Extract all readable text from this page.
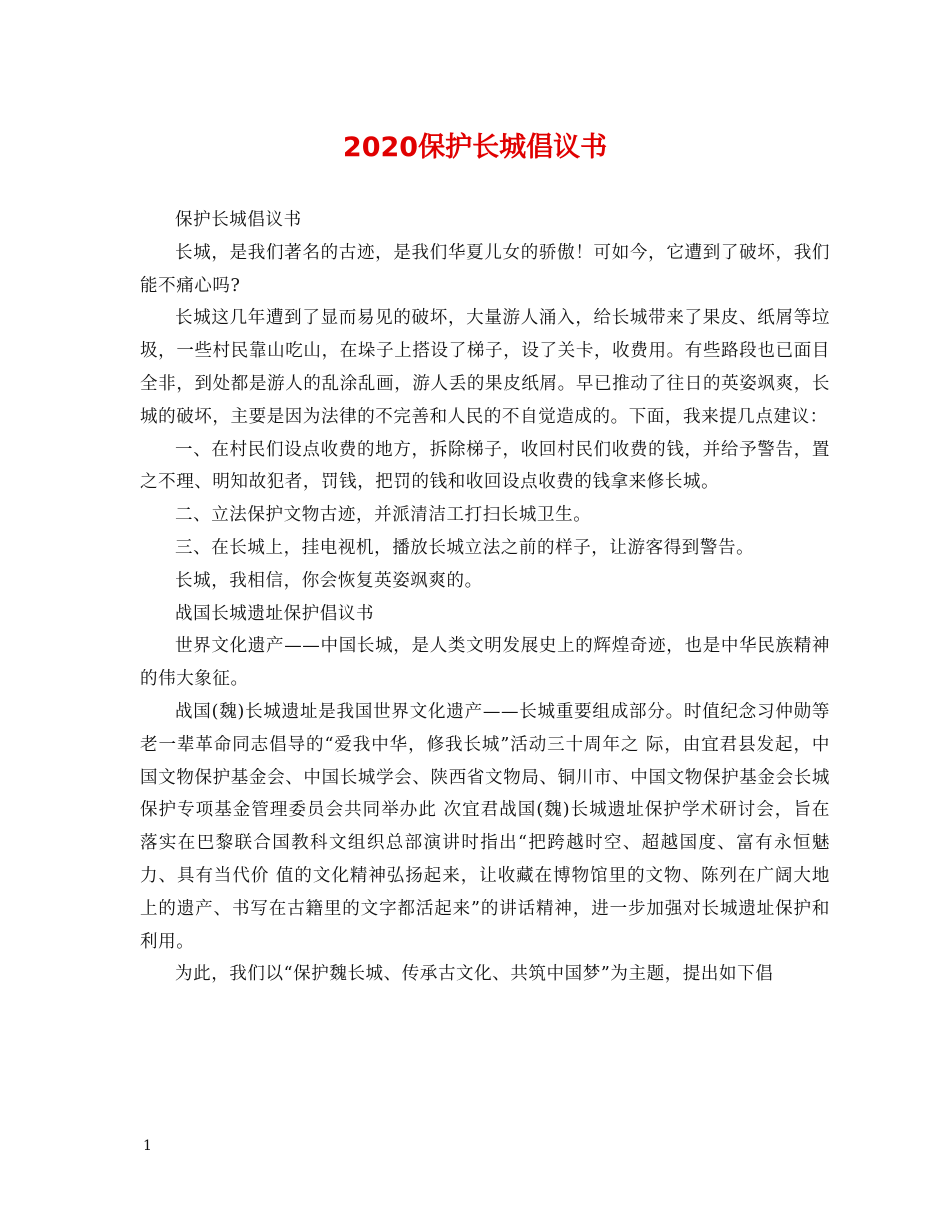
2020保护长城倡议书

保护长城倡议书

长城，是我们著名的古迹，是我们华夏儿女的骄傲！可如今，它遭到了破坏，我们能不痛心吗?

长城这几年遭到了显而易见的破坏，大量游人涌入，给长城带来了果皮、纸屑等垃圾，一些村民靠山吃山，在垛子上搭设了梯子，设了关卡，收费用。有些路段也已面目全非，到处都是游人的乱涂乱画，游人丢的果皮纸屑。早已推动了往日的英姿飒爽，长城的破坏，主要是因为法律的不完善和人民的不自觉造成的。下面，我来提几点建议：

一、在村民们设点收费的地方，拆除梯子，收回村民们收费的钱，并给予警告，置之不理、明知故犯者，罚钱，把罚的钱和收回设点收费的钱拿来修长城。

二、立法保护文物古迹，并派清洁工打扫长城卫生。

三、在长城上，挂电视机，播放长城立法之前的样子，让游客得到警告。

长城，我相信，你会恢复英姿飒爽的。

战国长城遗址保护倡议书

世界文化遗产——中国长城，是人类文明发展史上的辉煌奇迹，也是中华民族精神的伟大象征。

战国(魏)长城遗址是我国世界文化遗产——长城重要组成部分。时值纪念习仲勋等老一辈革命同志倡导的“爱我中华，修我长城”活动三十周年之 际，由宜君县发起，中国文物保护基金会、中国长城学会、陕西省文物局、铜川市、中国文物保护基金会长城保护专项基金管理委员会共同举办此 次宜君战国(魏)长城遗址保护学术研讨会，旨在落实在巴黎联合国教科文组织总部演讲时指出“把跨越时空、超越国度、富有永恒魅力、具有当代价 值的文化精神弘扬起来，让收藏在博物馆里的文物、陈列在广阔大地上的遗产、书写在古籍里的文字都活起来”的讲话精神，进一步加强对长城遗址保护和利用。

为此，我们以“保护魏长城、传承古文化、共筑中国梦”为主题，提出如下倡

1
